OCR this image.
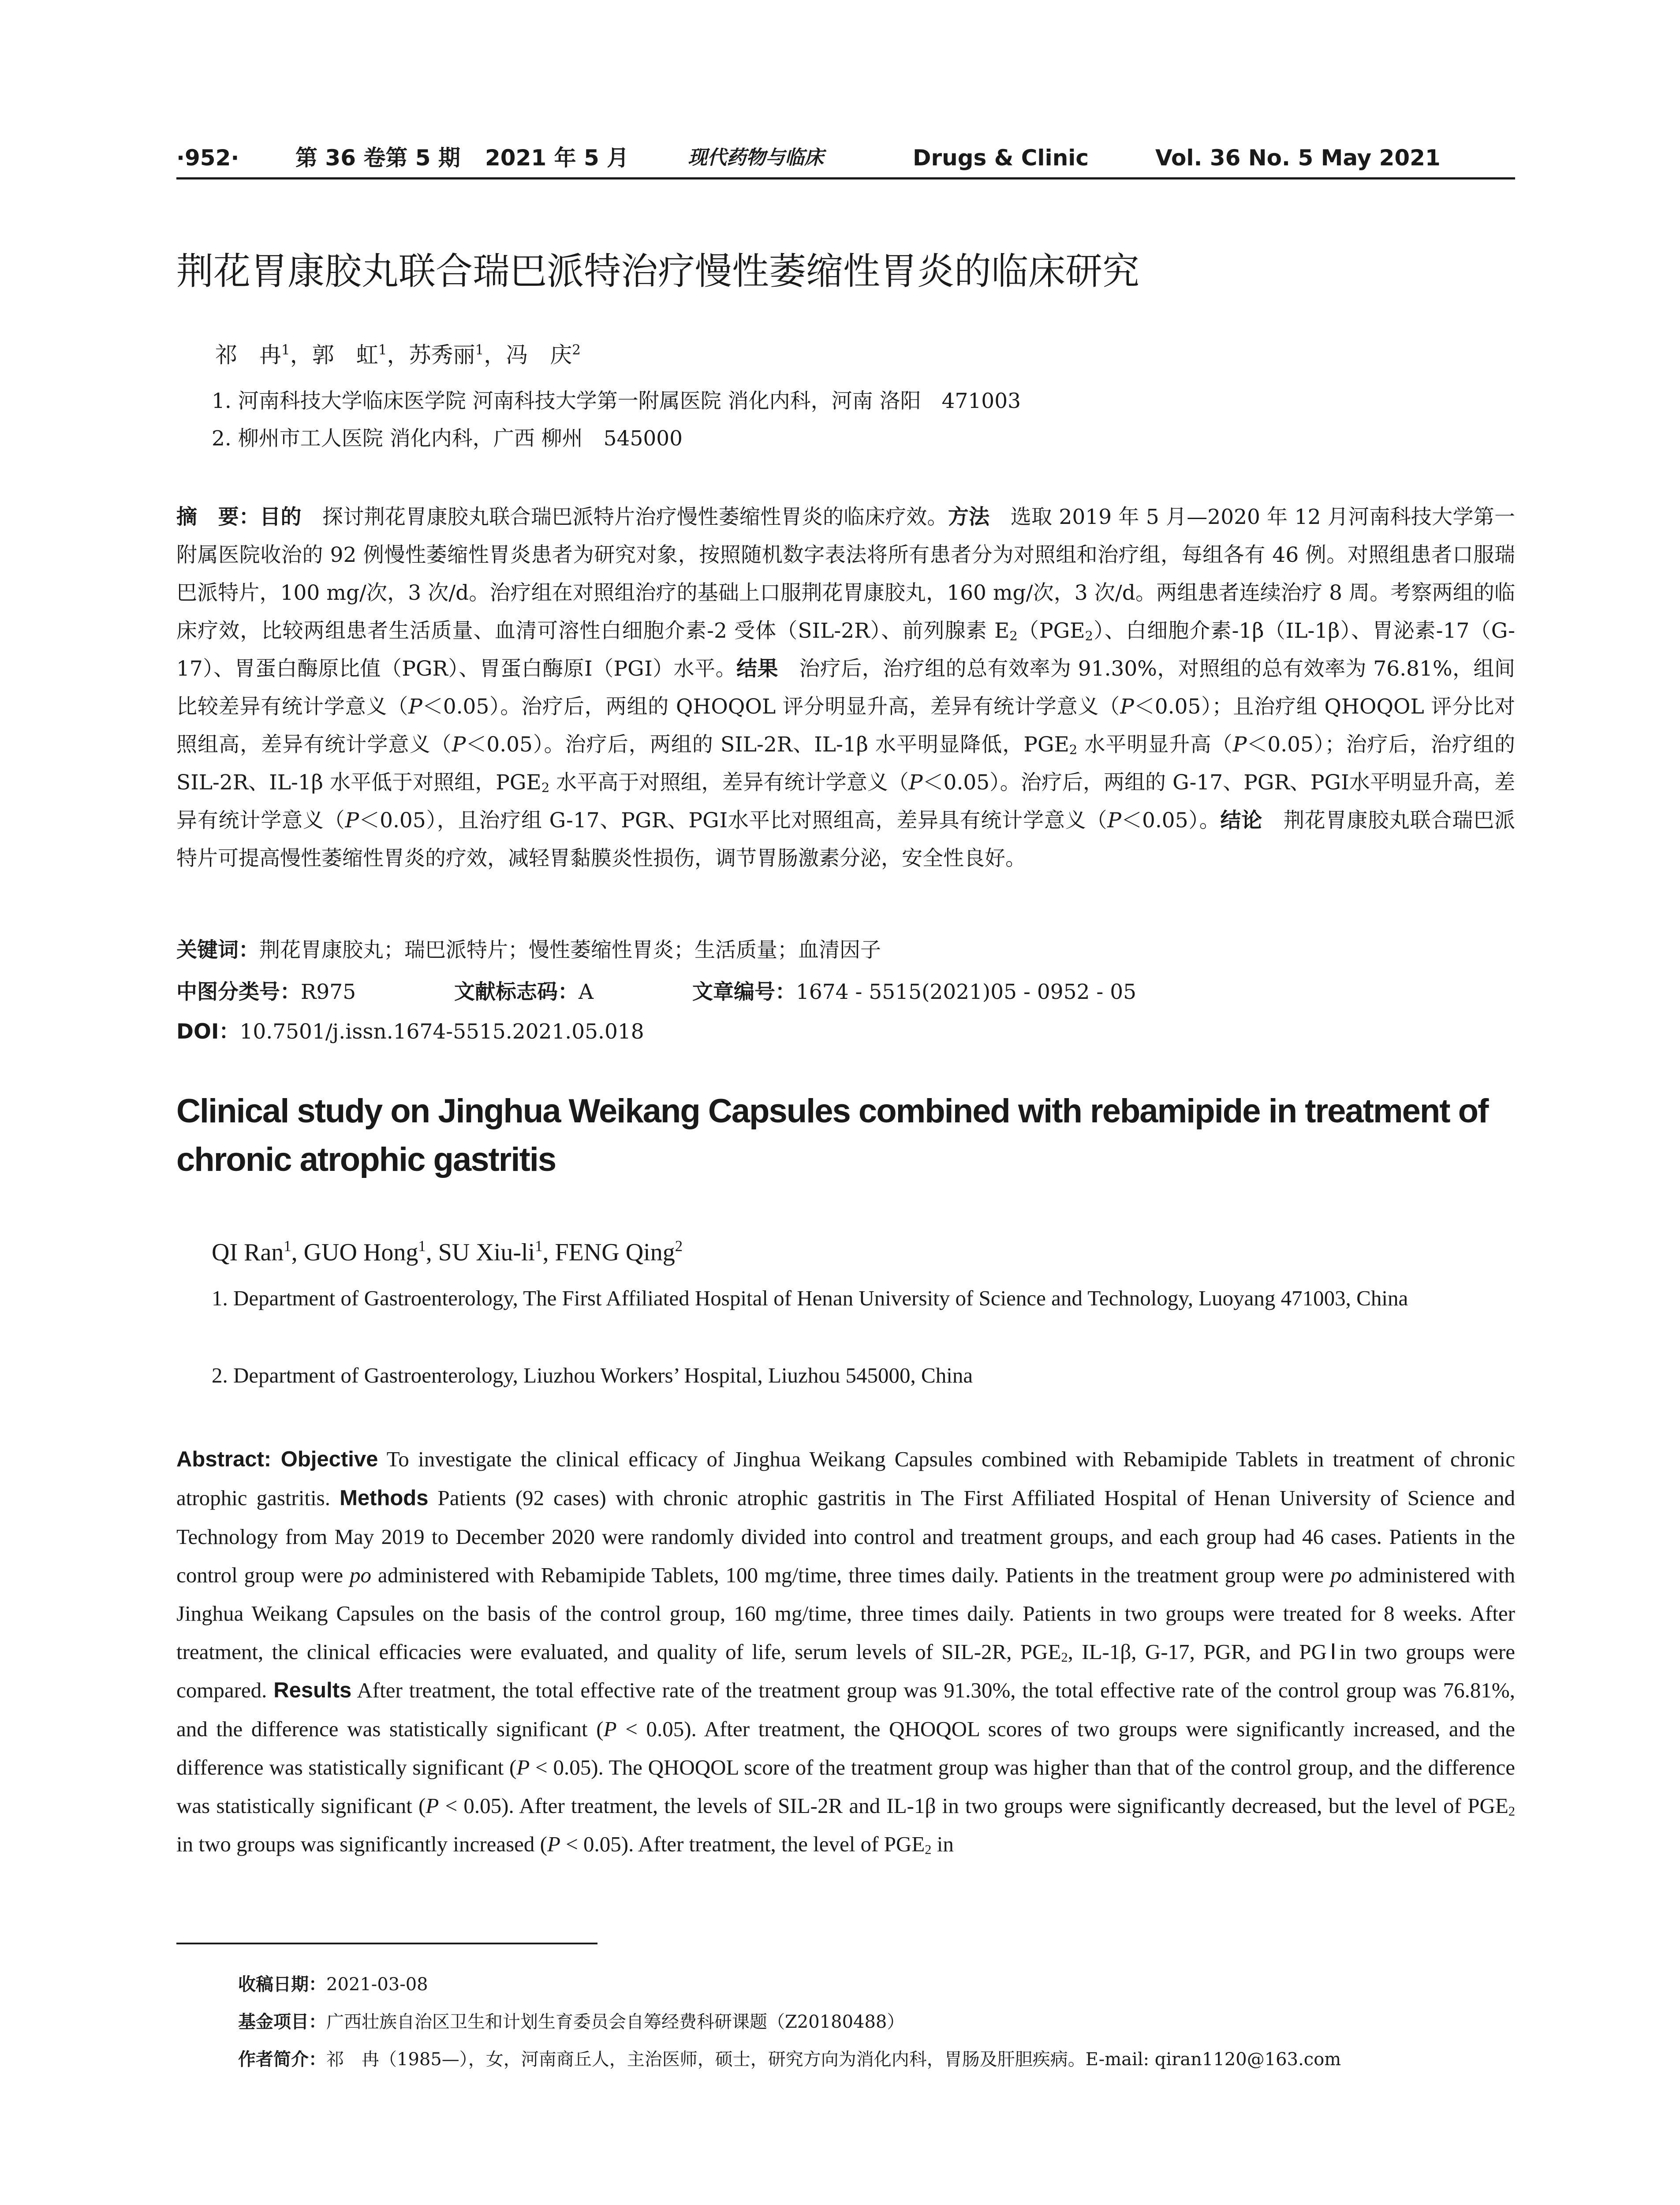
·952·	第 36 卷第 5 期 2021 年 5 月	现代药物与临床	Drugs & Clinic	Vol. 36 No. 5 May 2021
荆花胃康胶丸联合瑞巴派特治疗慢性萎缩性胃炎的临床研究
祁　冉$^1$，郭　虹$^1$，苏秀丽$^1$，冯　庆$^2$
1. 河南科技大学临床医学院 河南科技大学第一附属医院 消化内科，河南 洛阳　471003
2. 柳州市工人医院 消化内科，广西 柳州　545000
摘　要：目的　探讨荆花胃康胶丸联合瑞巴派特片治疗慢性萎缩性胃炎的临床疗效。方法　选取 2019 年 5 月—2020 年 12 月河南科技大学第一附属医院收治的 92 例慢性萎缩性胃炎患者为研究对象，按照随机数字表法将所有患者分为对照组和治疗组，每组各有 46 例。对照组患者口服瑞巴派特片，100 mg/次，3 次/d。治疗组在对照组治疗的基础上口服荆花胃康胶丸，160 mg/次，3 次/d。两组患者连续治疗 8 周。考察两组的临床疗效，比较两组患者生活质量、血清可溶性白细胞介素-2 受体（SIL-2R）、前列腺素 $E_2(PGE_2)$、白细胞介素-1β（IL-1β）、胃泌素-17（G-17）、胃蛋白酶原比值（PGR）、胃蛋白酶原Ⅰ（PGⅠ）水平。结果　治疗后，治疗组的总有效率为 91.30%，对照组的总有效率为 76.81%，组间比较差异有统计学意义（P＜0.05）。治疗后，两组的 QHOQOL 评分明显升高，差异有统计学意义（P＜0.05）；且治疗组 QHOQOL 评分比对照组高，差异有统计学意义（P＜0.05）。治疗后，两组的 SIL-2R、IL-1β 水平明显降低，$PGE_2$ 水平明显升高（P＜0.05）；治疗后，治疗组的 SIL-2R、IL-1β 水平低于对照组，$PGE_2$ 水平高于对照组，差异有统计学意义（P＜0.05）。治疗后，两组的 G-17、PGR、PGⅠ水平明显升高，差异有统计学意义（P＜0.05），且治疗组 G-17、PGR、PGⅠ水平比对照组高，差异具有统计学意义（P＜0.05）。结论　荆花胃康胶丸联合瑞巴派特片可提高慢性萎缩性胃炎的疗效，减轻胃黏膜炎性损伤，调节胃肠激素分泌，安全性良好。
关键词：荆花胃康胶丸；瑞巴派特片；慢性萎缩性胃炎；生活质量；血清因子
中图分类号：R975	文献标志码：A	文章编号：1674 - 5515(2021)05 - 0952 - 05
DOI：10.7501/j.issn.1674-5515.2021.05.018
Clinical study on Jinghua Weikang Capsules combined with rebamipide in treatment of chronic atrophic gastritis
QI Ran$^1$, GUO Hong$^1$, SU Xiu-$li^1$, FENG Qing$^2$
1. Department of Gastroenterology, The First Affiliated Hospital of Henan University of Science and Technology, Luoyang 471003, China
2. Department of Gastroenterology, Liuzhou Workers’ Hospital, Liuzhou 545000, China
Abstract: Objective To investigate the clinical efficacy of Jinghua Weikang Capsules combined with Rebamipide Tablets in treatment of chronic atrophic gastritis. Methods Patients (92 cases) with chronic atrophic gastritis in The First Affiliated Hospital of Henan University of Science and Technology from May 2019 to December 2020 were randomly divided into control and treatment groups, and each group had 46 cases. Patients in the control group were po administered with Rebamipide Tablets, 100 mg/time, three times daily. Patients in the treatment group were po administered with Jinghua Weikang Capsules on the basis of the control group, 160 mg/time, three times daily. Patients in two groups were treated for 8 weeks. After treatment, the clinical efficacies were evaluated, and quality of life, serum levels of SIL-2R, $PGE_2$, IL-1β, G-17, PGR, and PGⅠin two groups were compared. Results After treatment, the total effective rate of the treatment group was 91.30%, the total effective rate of the control group was 76.81%, and the difference was statistically significant (P < 0.05). After treatment, the QHOQOL scores of two groups were significantly increased, and the difference was statistically significant (P < 0.05). The QHOQOL score of the treatment group was higher than that of the control group, and the difference was statistically significant (P < 0.05). After treatment, the levels of SIL-2R and IL-1β in two groups were significantly decreased, but the level of $PGE_2$ in two groups was significantly increased (P < 0.05). After treatment, the level of $PGE_2$ in
收稿日期：2021-03-08
基金项目：广西壮族自治区卫生和计划生育委员会自筹经费科研课题（Z20180488）
作者简介：祁　冉（1985—），女，河南商丘人，主治医师，硕士，研究方向为消化内科，胃肠及肝胆疾病。E-mail: qiran1120@163.com
